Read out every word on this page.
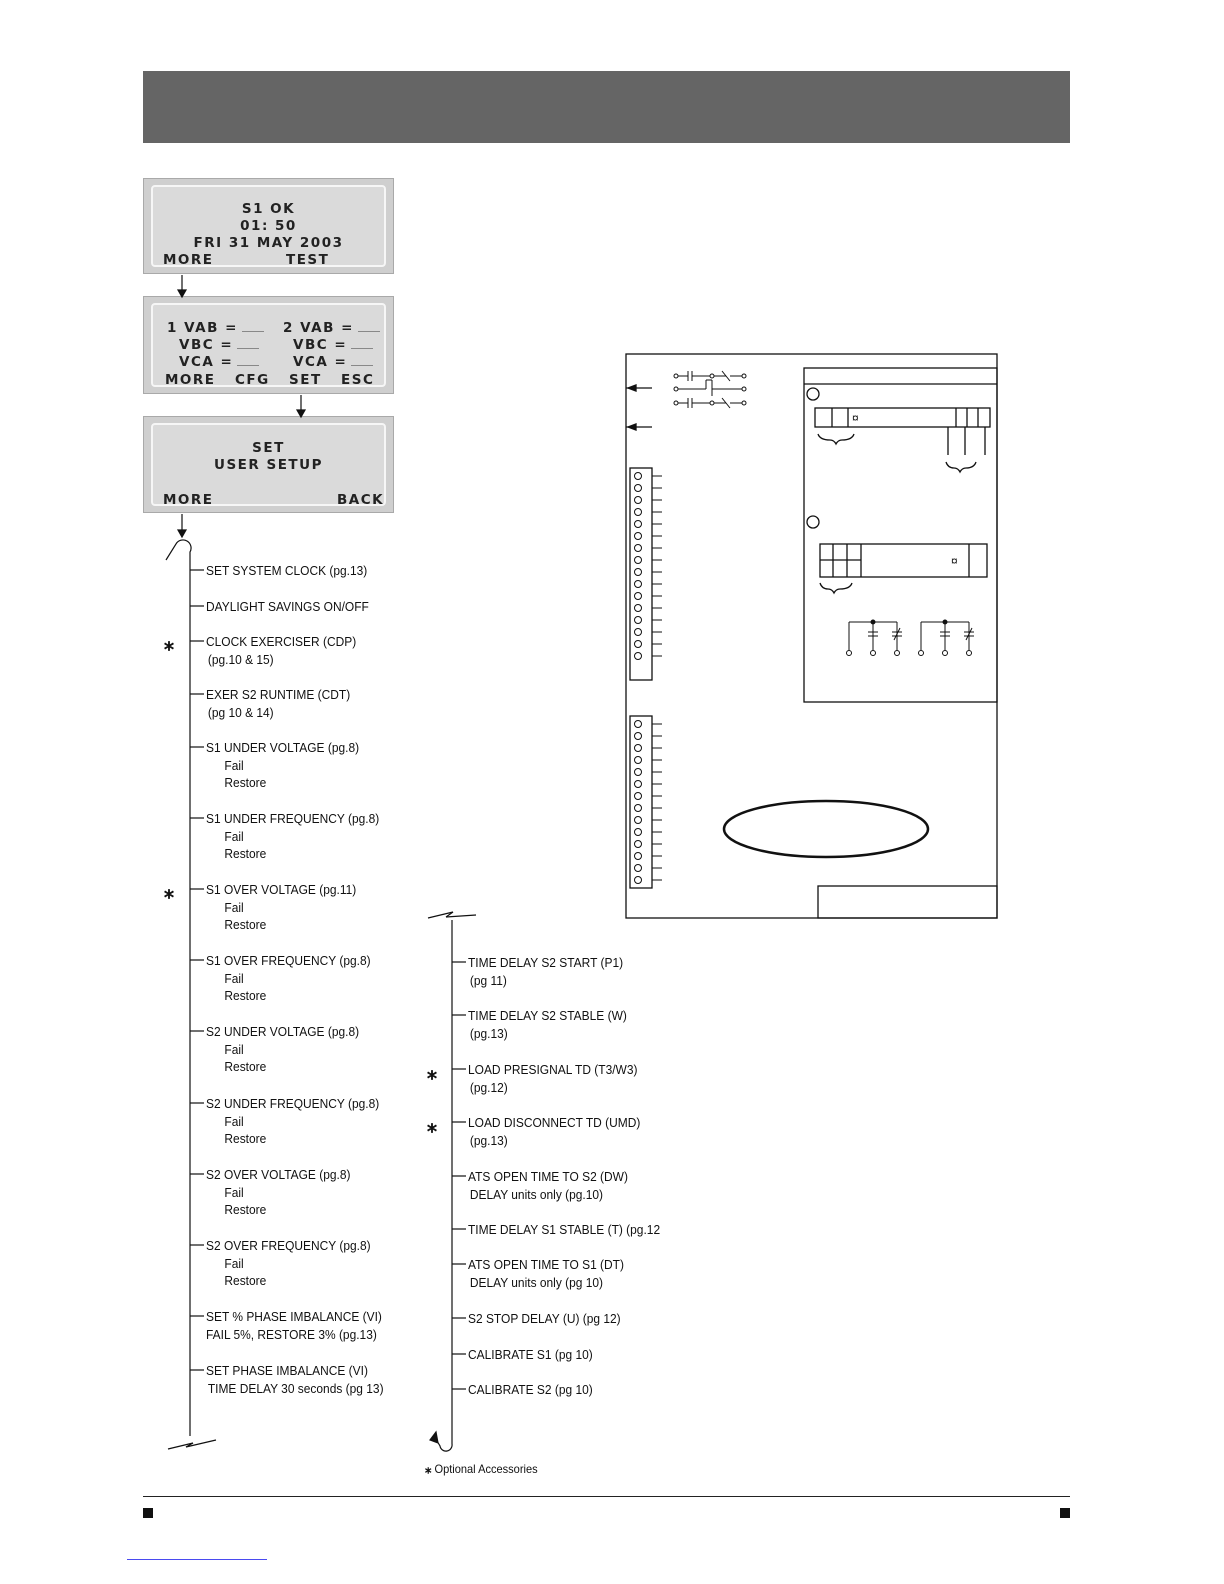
S1 OK
01: 50
FRI 31 MAY 2003
MORE	TEST
1 VAB =	2 VAB =
VBC =	VBC =
VCA =	VCA =
MORE CFG SET ESC
SET
USER SETUP
MORE	BACK
¤
¤
SET SYSTEM CLOCK (pg.13)
DAYLIGHT SAVINGS ON/OFF
CLOCK EXERCISER (CDP)
(pg.10 & 15)
EXER S2 RUNTIME (CDT)
(pg 10 & 14)
S1 UNDER VOLTAGE (pg.8)
Fail
Restore
S1 UNDER FREQUENCY (pg.8)
Fail
Restore
S1 OVER VOLTAGE (pg.11)
Fail
Restore
S1 OVER FREQUENCY (pg.8)
Fail
Restore
S2 UNDER VOLTAGE (pg.8)
Fail
Restore
S2 UNDER FREQUENCY (pg.8)
Fail
Restore
S2 OVER VOLTAGE (pg.8)
Fail
Restore
S2 OVER FREQUENCY (pg.8)
Fail
Restore
SET % PHASE IMBALANCE (VI)
FAIL 5%, RESTORE 3% (pg.13)
SET PHASE IMBALANCE (VI)
TIME DELAY 30 seconds (pg 13)
TIME DELAY S2 START (P1)
(pg 11)
TIME DELAY S2 STABLE (W)
(pg.13)
LOAD PRESIGNAL TD (T3/W3)
(pg.12)
LOAD DISCONNECT TD (UMD)
(pg.13)
ATS OPEN TIME TO S2 (DW)
DELAY units only (pg.10)
TIME DELAY S1 STABLE (T) (pg.12
ATS OPEN TIME TO S1 (DT)
DELAY units only (pg 10)
S2 STOP DELAY (U) (pg 12)
CALIBRATE S1 (pg 10)
CALIBRATE S2 (pg 10)
⁎
⁎
⁎
⁎
⁎ Optional Accessories
